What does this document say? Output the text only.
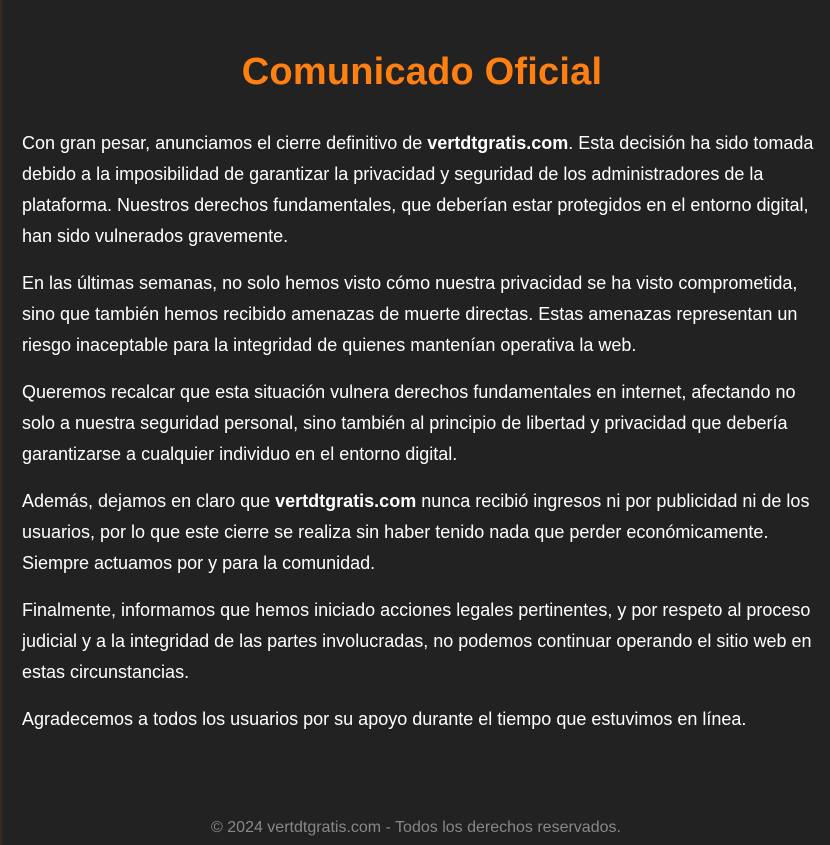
Comunicado Oficial

Con gran pesar, anunciamos el cierre definitivo de vertdtgratis.com. Esta decisión ha sido tomada debido a la imposibilidad de garantizar la privacidad y seguridad de los administradores de la plataforma. Nuestros derechos fundamentales, que deberían estar protegidos en el entorno digital, han sido vulnerados gravemente.

En las últimas semanas, no solo hemos visto cómo nuestra privacidad se ha visto comprometida, sino que también hemos recibido amenazas de muerte directas. Estas amenazas representan un riesgo inaceptable para la integridad de quienes mantenían operativa la web.

Queremos recalcar que esta situación vulnera derechos fundamentales en internet, afectando no solo a nuestra seguridad personal, sino también al principio de libertad y privacidad que debería garantizarse a cualquier individuo en el entorno digital.

Además, dejamos en claro que vertdtgratis.com nunca recibió ingresos ni por publicidad ni de los usuarios, por lo que este cierre se realiza sin haber tenido nada que perder económicamente. Siempre actuamos por y para la comunidad.

Finalmente, informamos que hemos iniciado acciones legales pertinentes, y por respeto al proceso judicial y a la integridad de las partes involucradas, no podemos continuar operando el sitio web en estas circunstancias.

Agradecemos a todos los usuarios por su apoyo durante el tiempo que estuvimos en línea.

© 2024 vertdtgratis.com - Todos los derechos reservados.
